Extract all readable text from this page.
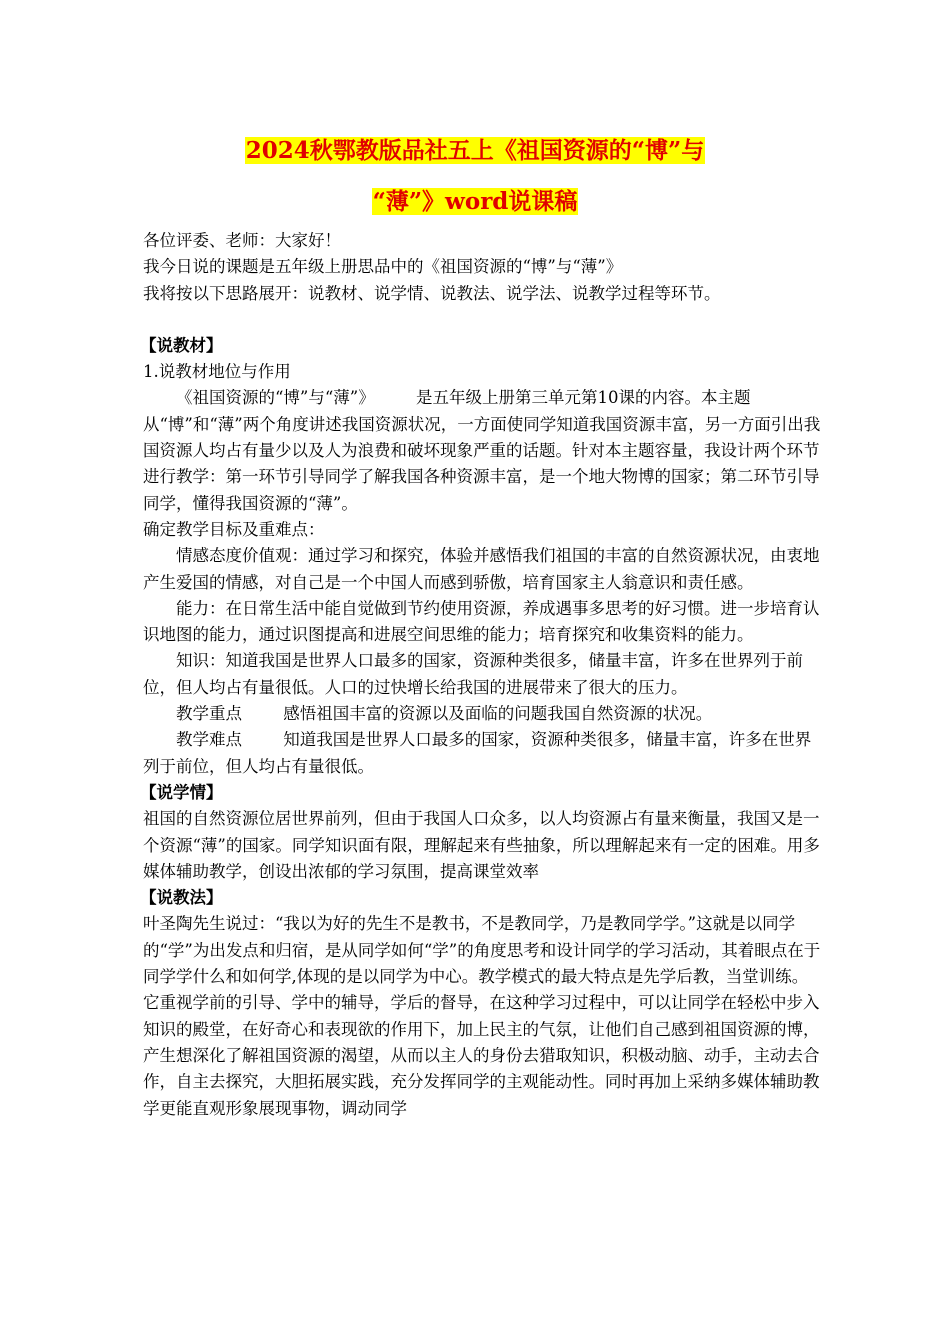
2024秋鄂教版品社五上《祖国资源的“博”与
“薄”》word说课稿

各位评委、老师：大家好！

我今日说的课题是五年级上册思品中的《祖国资源的“博”与“薄”》

我将按以下思路展开：说教材、说学情、说教法、说学法、说教学过程等环节。

【说教材】

1.说教材地位与作用

《祖国资源的“博”与“薄”》	是五年级上册第三单元第10课的内容。本主题从“博”和“薄”两个角度讲述我国资源状况，一方面使同学知道我国资源丰富，另一方面引出我国资源人均占有量少以及人为浪费和破坏现象严重的话题。针对本主题容量，我设计两个环节进行教学：第一环节引导同学了解我国各种资源丰富，是一个地大物博的国家；第二环节引导同学，懂得我国资源的“薄”。

确定教学目标及重难点：

情感态度价值观：通过学习和探究，体验并感悟我们祖国的丰富的自然资源状况，由衷地产生爱国的情感，对自己是一个中国人而感到骄傲，培育国家主人翁意识和责任感。

能力：在日常生活中能自觉做到节约使用资源，养成遇事多思考的好习惯。进一步培育认识地图的能力，通过识图提高和进展空间思维的能力；培育探究和收集资料的能力。

知识：知道我国是世界人口最多的国家，资源种类很多，储量丰富，许多在世界列于前位，但人均占有量很低。人口的过快增长给我国的进展带来了很大的压力。

教学重点	感悟祖国丰富的资源以及面临的问题我国自然资源的状况。

教学难点	知道我国是世界人口最多的国家，资源种类很多，储量丰富，许多在世界列于前位，但人均占有量很低。

【说学情】

祖国的自然资源位居世界前列，但由于我国人口众多，以人均资源占有量来衡量，我国又是一个资源“薄”的国家。同学知识面有限，理解起来有些抽象，所以理解起来有一定的困难。用多媒体辅助教学，创设出浓郁的学习氛围，提高课堂效率

【说教法】

叶圣陶先生说过：“我以为好的先生不是教书，不是教同学，乃是教同学学。”这就是以同学的“学”为出发点和归宿，是从同学如何“学”的角度思考和设计同学的学习活动，其着眼点在于同学学什么和如何学,体现的是以同学为中心。教学模式的最大特点是先学后教，当堂训练。它重视学前的引导、学中的辅导，学后的督导，在这种学习过程中，可以让同学在轻松中步入知识的殿堂，在好奇心和表现欲的作用下，加上民主的气氛，让他们自己感到祖国资源的博，产生想深化了解祖国资源的渴望，从而以主人的身份去猎取知识，积极动脑、动手，主动去合作，自主去探究，大胆拓展实践，充分发挥同学的主观能动性。同时再加上采纳多媒体辅助教学更能直观形象展现事物，调动同学
